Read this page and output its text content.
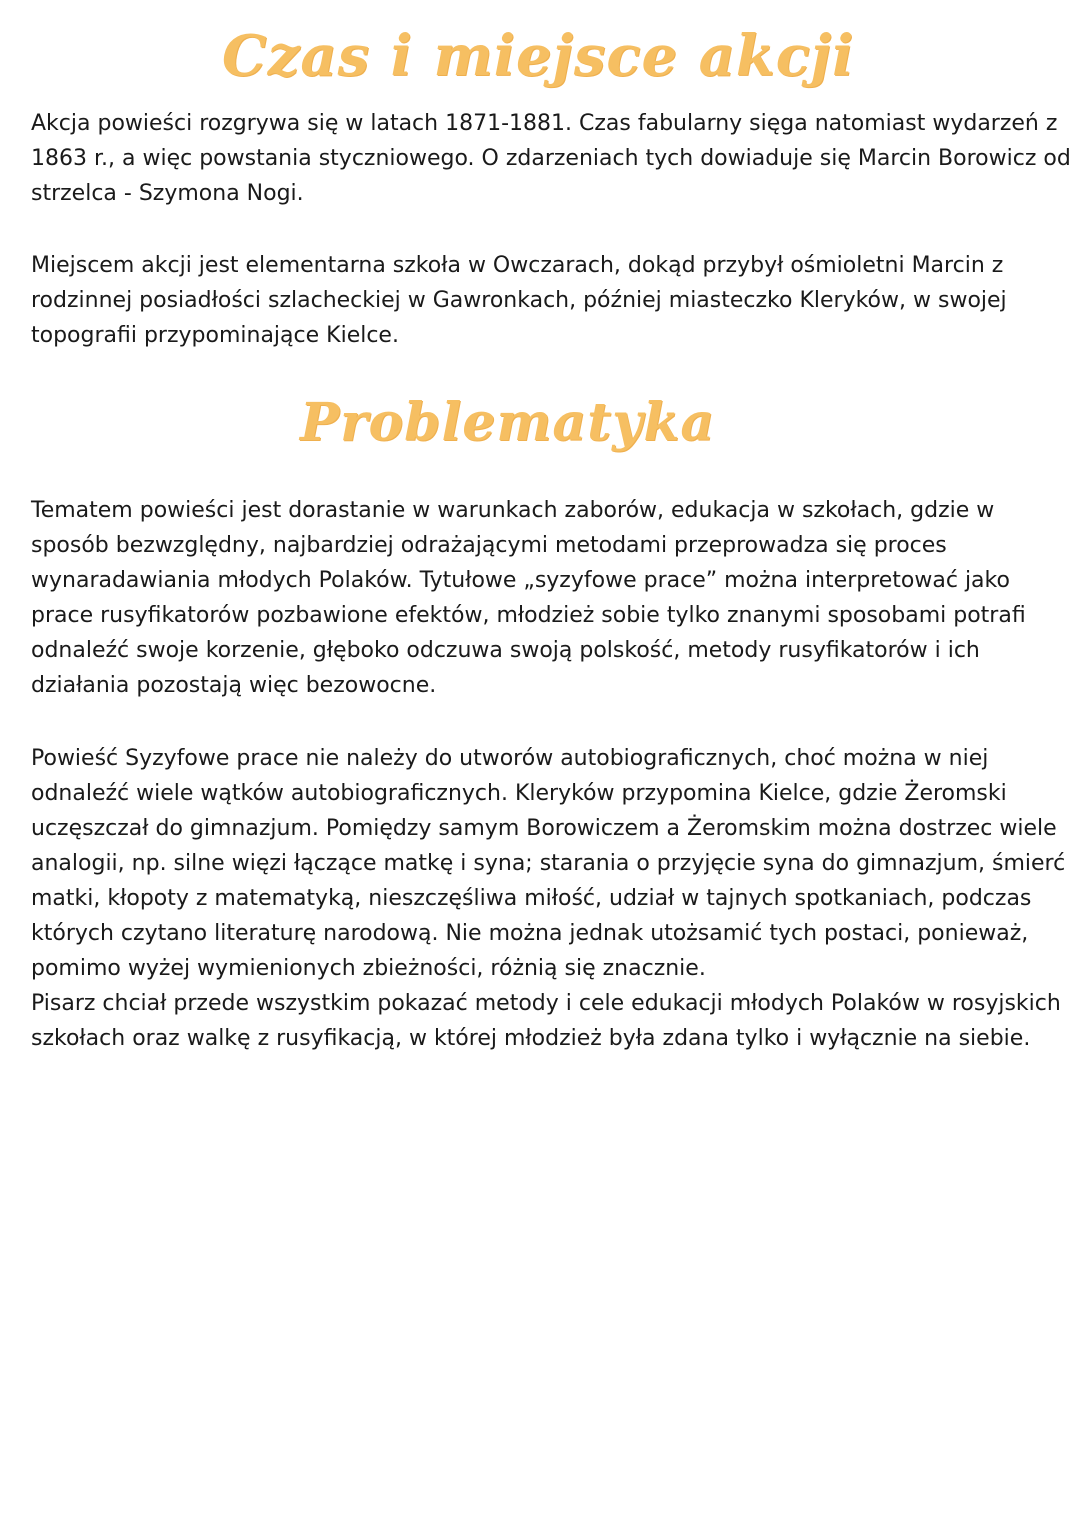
Czas i miejsce akcji

Akcja powieści rozgrywa się w latach 1871-1881. Czas fabularny sięga natomiast wydarzeń z 1863 r., a więc powstania styczniowego. O zdarzeniach tych dowiaduje się Marcin Borowicz od strzelca - Szymona Nogi.

Miejscem akcji jest elementarna szkoła w Owczarach, dokąd przybył ośmioletni Marcin z rodzinnej posiadłości szlacheckiej w Gawronkach, później miasteczko Kleryków, w swojej topografii przypominające Kielce.

Problematyka

Tematem powieści jest dorastanie w warunkach zaborów, edukacja w szkołach, gdzie w sposób bezwzględny, najbardziej odrażającymi metodami przeprowadza się proces wynaradawiania młodych Polaków. Tytułowe „syzyfowe prace” można interpretować jako prace rusyfikatorów pozbawione efektów, młodzież sobie tylko znanymi sposobami potrafi odnaleźć swoje korzenie, głęboko odczuwa swoją polskość, metody rusyfikatorów i ich działania pozostają więc bezowocne.

Powieść Syzyfowe prace nie należy do utworów autobiograficznych, choć można w niej odnaleźć wiele wątków autobiograficznych. Kleryków przypomina Kielce, gdzie Żeromski uczęszczał do gimnazjum. Pomiędzy samym Borowiczem a Żeromskim można dostrzec wiele analogii, np. silne więzi łączące matkę i syna; starania o przyjęcie syna do gimnazjum, śmierć matki, kłopoty z matematyką, nieszczęśliwa miłość, udział w tajnych spotkaniach, podczas których czytano literaturę narodową. Nie można jednak utożsamić tych postaci, ponieważ, pomimo wyżej wymienionych zbieżności, różnią się znacznie.
Pisarz chciał przede wszystkim pokazać metody i cele edukacji młodych Polaków w rosyjskich szkołach oraz walkę z rusyfikacją, w której młodzież była zdana tylko i wyłącznie na siebie.
